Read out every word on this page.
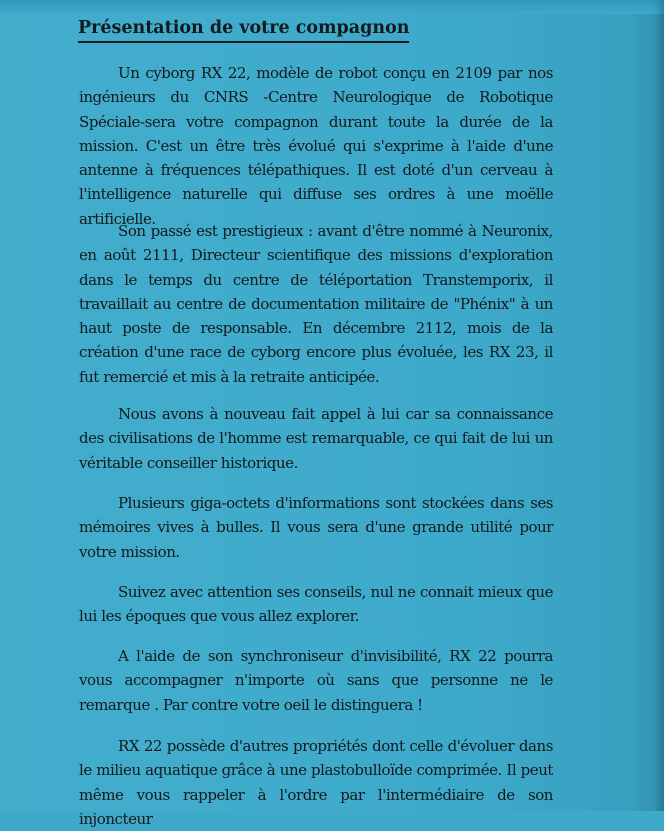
Présentation de votre compagnon

Un cyborg RX 22, modèle de robot conçu en 2109 par nos ingénieurs du CNRS -Centre Neurologique de Robotique Spéciale-sera votre compagnon durant toute la durée de la mission. C'est un être très évolué qui s'exprime à l'aide d'une antenne à fréquences télépathiques. Il est doté d'un cerveau à l'intelligence naturelle qui diffuse ses ordres à une moëlle artificielle.

Son passé est prestigieux : avant d'être nommé à Neuronix, en août 2111, Directeur scientifique des missions d'exploration dans le temps du centre de téléportation Transtemporix, il travaillait au centre de documentation militaire de "Phénix" à un haut poste de responsable. En décembre 2112, mois de la création d'une race de cyborg encore plus évoluée, les RX 23, il fut remercié et mis à la retraite anticipée.

Nous avons à nouveau fait appel à lui car sa connaissance des civilisations de l'homme est remarquable, ce qui fait de lui un véritable conseiller historique.

Plusieurs giga-octets d'informations sont stockées dans ses mémoires vives à bulles. Il vous sera d'une grande utilité pour votre mission.

Suivez avec attention ses conseils, nul ne connait mieux que lui les époques que vous allez explorer.

A l'aide de son synchroniseur d'invisibilité, RX 22 pourra vous accompagner n'importe où sans que personne ne le remarque . Par contre votre oeil le distinguera !

RX 22 possède d'autres propriétés dont celle d'évoluer dans le milieu aquatique grâce à une plastobulloïde comprimée. Il peut même vous rappeler à l'ordre par l'intermédiaire de son injoncteur
